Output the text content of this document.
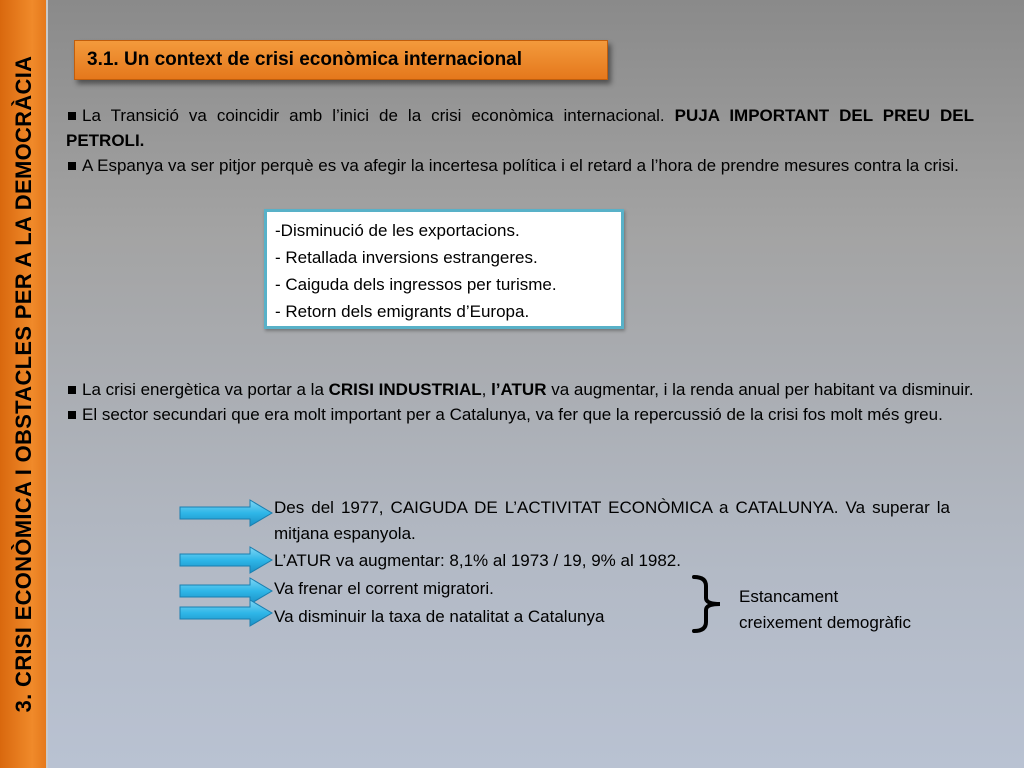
3. CRISI ECONÒMICA I OBSTACLES PER A LA DEMOCRÀCIA	3.1. Un context de crisi econòmica internacional
La Transició va coincidir amb l’inici de la crisi econòmica internacional. PUJA IMPORTANT DEL PREU DEL PETROLI.
A Espanya va ser pitjor perquè es va afegir la incertesa política i el retard a l’hora de prendre mesures contra la crisi.
-Disminució de les exportacions.
- Retallada inversions estrangeres.
- Caiguda dels ingressos per turisme.
- Retorn dels emigrants d’Europa.
La crisi energètica va portar a la CRISI INDUSTRIAL, l’ATUR va augmentar, i la renda anual per habitant va disminuir.
El sector secundari que era molt important per a Catalunya, va fer que la repercussió de la crisi fos molt més greu.
Des del 1977, CAIGUDA DE L’ACTIVITAT ECONÒMICA a CATALUNYA. Va superar la mitjana espanyola.
L’ATUR va augmentar: 8,1% al 1973 / 19, 9% al 1982.
Va frenar el corrent migratori.
Va disminuir la taxa de natalitat a Catalunya
Estancament
creixement demogràfic
